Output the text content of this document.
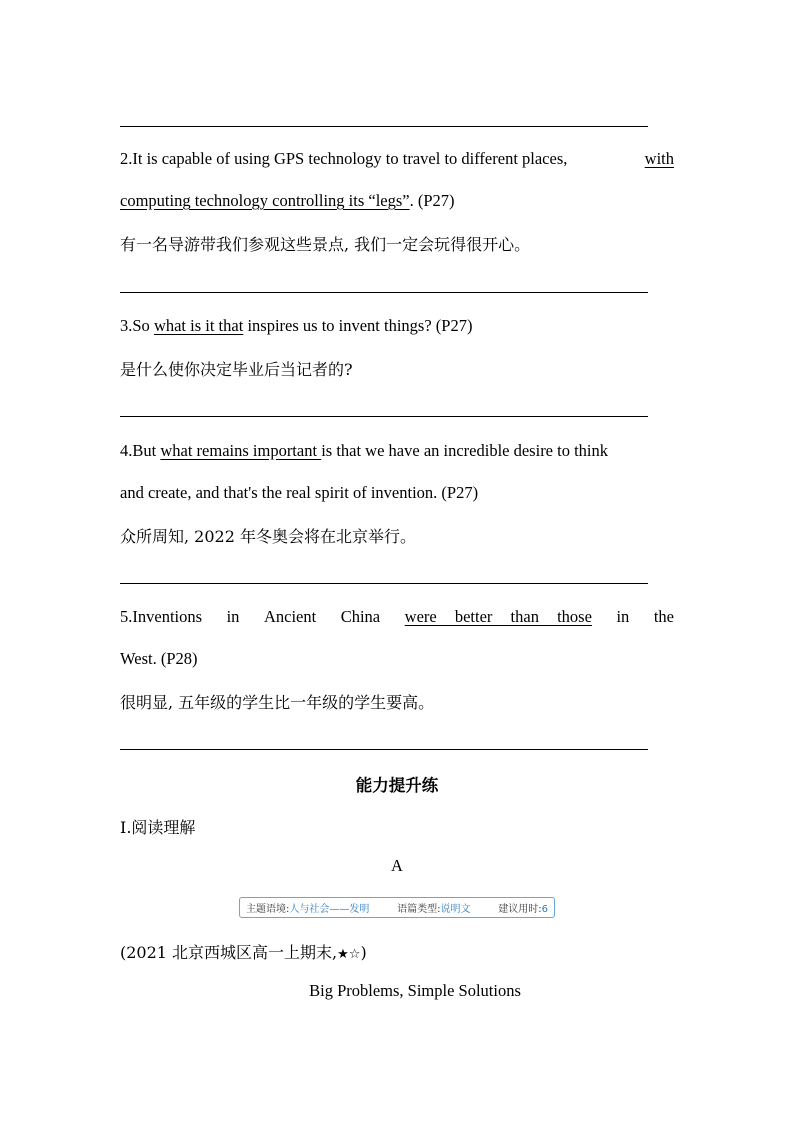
2.It is capable of using GPS technology to travel to different places,	with
computing technology controlling its “legs”. (P27)
有一名导游带我们参观这些景点, 我们一定会玩得很开心。
3.So what is it that inspires us to invent things? (P27)
是什么使你决定毕业后当记者的?
4.But what remains important is that we have an incredible desire to think
and create, and that's the real spirit of invention. (P27)
众所周知, 2022 年冬奥会将在北京举行。
5.Inventions in Ancient China were better than those in the
West. (P28)
很明显, 五年级的学生比一年级的学生要高。
能力提升练
Ⅰ.阅读理解
A
主题语境:人与社会——发明	语篇类型:说明文	建议用时:6
(2021 北京西城区高一上期末,★☆)
Big Problems, Simple Solutions
